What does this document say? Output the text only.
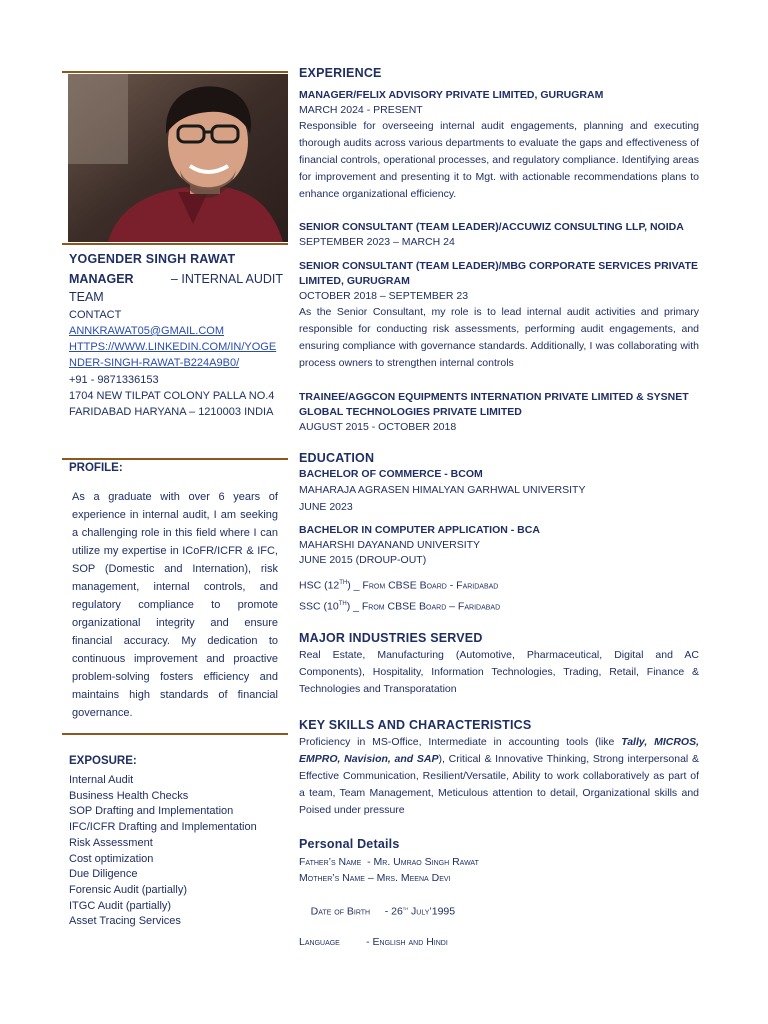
YOGENDER SINGH RAWAT
MANAGER	– INTERNAL AUDIT
TEAM
CONTACT
ANNKRAWAT05@GMAIL.COM
HTTPS://WWW.LINKEDIN.COM/IN/YOGE
NDER-SINGH-RAWAT-B224A9B0/
+91 - 9871336153
1704 NEW TILPAT COLONY PALLA NO.4
FARIDABAD HARYANA – 1210003 INDIA
PROFILE:
As a graduate with over 6 years of experience in internal audit, I am seeking a challenging role in this field where I can utilize my expertise in ICoFR/ICFR & IFC, SOP (Domestic and Internation), risk management, internal controls, and regulatory compliance to promote organizational integrity and ensure financial accuracy. My dedication to continuous improvement and proactive problem-solving fosters efficiency and maintains high standards of financial governance.
EXPOSURE:
Internal Audit
Business Health Checks
SOP Drafting and Implementation
IFC/ICFR Drafting and Implementation
Risk Assessment
Cost optimization
Due Diligence
Forensic Audit (partially)
ITGC Audit (partially)
Asset Tracing Services
EXPERIENCE
MANAGER/FELIX ADVISORY PRIVATE LIMITED, GURUGRAM
MARCH 2024 - PRESENT
Responsible for overseeing internal audit engagements, planning and executing thorough audits across various departments to evaluate the gaps and effectiveness of financial controls, operational processes, and regulatory compliance. Identifying areas for improvement and presenting it to Mgt. with actionable recommendations plans to enhance organizational efficiency.
SENIOR CONSULTANT (TEAM LEADER)/ACCUWIZ CONSULTING LLP, NOIDA
SEPTEMBER 2023 – MARCH 24
SENIOR CONSULTANT (TEAM LEADER)/MBG CORPORATE SERVICES PRIVATE
LIMITED, GURUGRAM
OCTOBER 2018 – SEPTEMBER 23
As the Senior Consultant, my role is to lead internal audit activities and primary responsible for conducting risk assessments, performing audit engagements, and ensuring compliance with governance standards. Additionally, I was collaborating with process owners to strengthen internal controls
TRAINEE/AGGCON EQUIPMENTS INTERNATION PRIVATE LIMITED & SYSNET
GLOBAL TECHNOLOGIES PRIVATE LIMITED
AUGUST 2015 - OCTOBER 2018
EDUCATION
BACHELOR OF COMMERCE - BCOM
MAHARAJA AGRASEN HIMALYAN GARHWAL UNIVERSITY
JUNE 2023
BACHELOR IN COMPUTER APPLICATION - BCA
MAHARSHI DAYANAND UNIVERSITY
JUNE 2015 (DROUP-OUT)
HSC (12TH) _ From CBSE Board - Faridabad
SSC (10TH) _ From CBSE Board – Faridabad
MAJOR INDUSTRIES SERVED
Real Estate, Manufacturing (Automotive, Pharmaceutical, Digital and AC Components), Hospitality, Information Technologies, Trading, Retail, Finance & Technologies and Transporatation
KEY SKILLS AND CHARACTERISTICS
Proficiency in MS-Office, Intermediate in accounting tools (like Tally, MICROS, EMPRO, Navision, and SAP), Critical & Innovative Thinking, Strong interpersonal & Effective Communication, Resilient/Versatile, Ability to work collaboratively as part of a team, Team Management, Meticulous attention to detail, Organizational skills and Poised under pressure
Personal Details
Father’s Name  - Mr. Umrao Singh Rawat
Mother’s Name – Mrs. Meena Devi

Date of Birth     - 26th July’1995

Language         - English and Hindi
